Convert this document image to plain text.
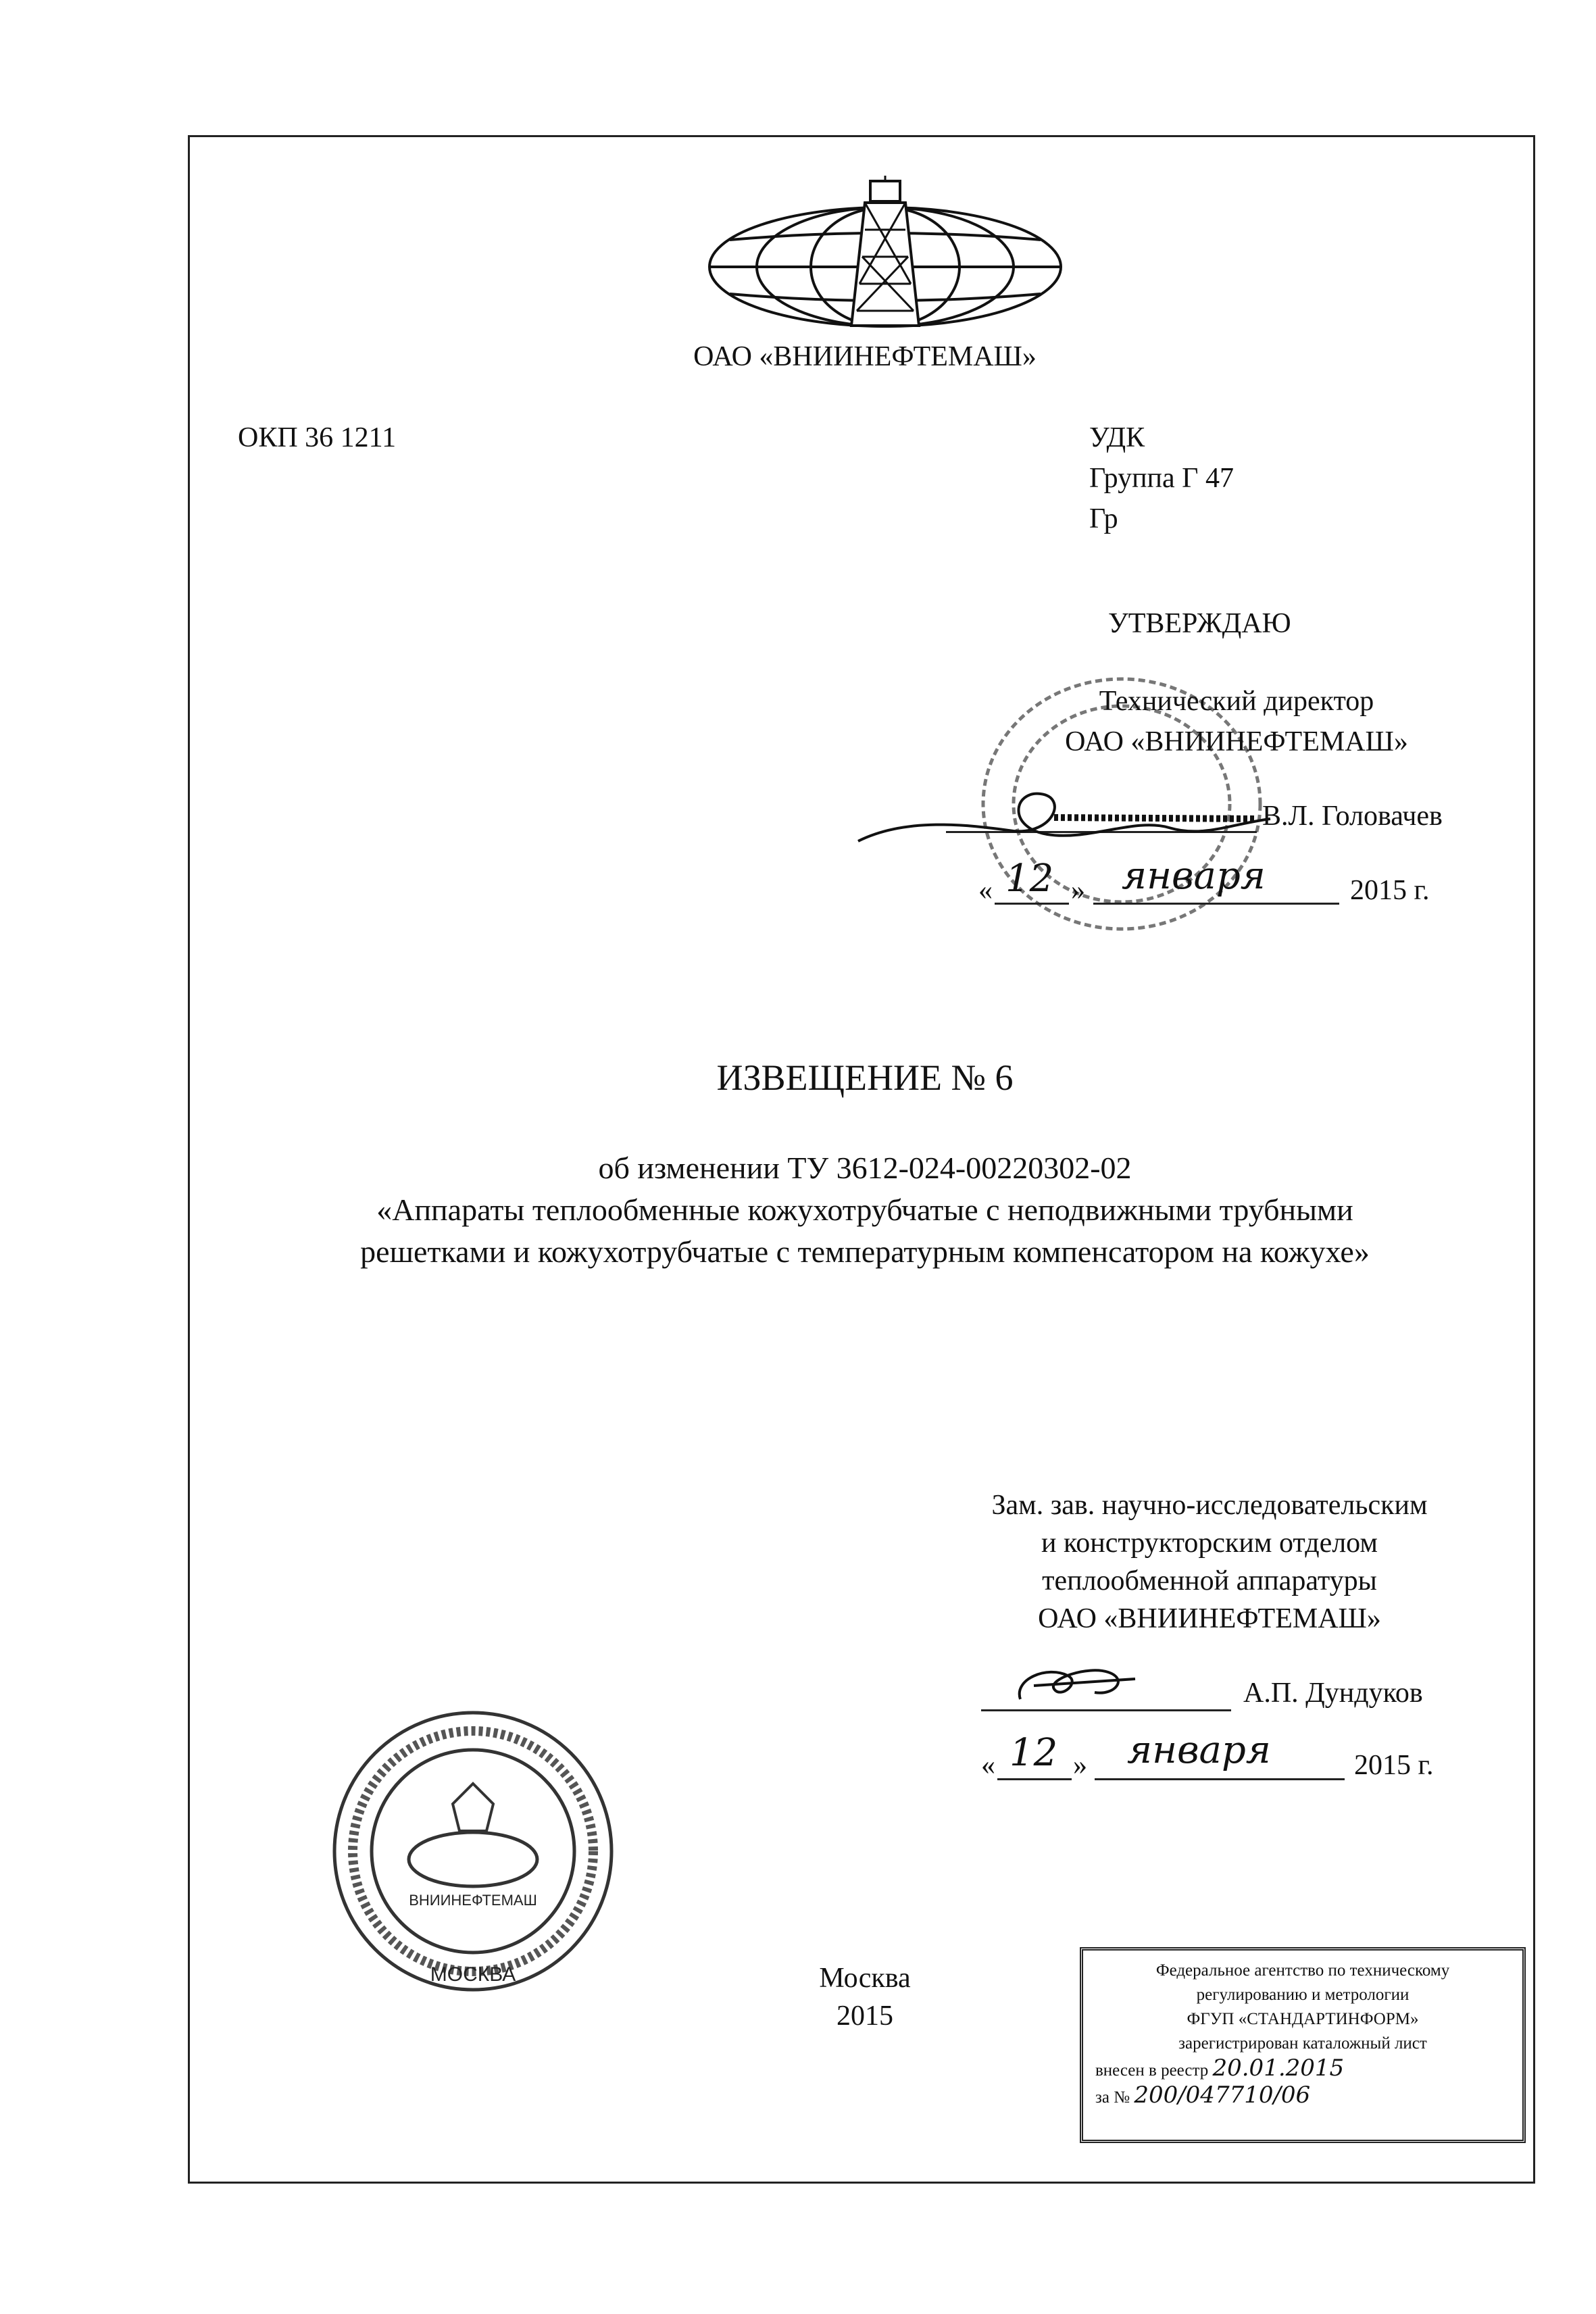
ОАО «ВНИИНЕФТЕМАШ»
ОКП 36 1211	УДК
Группа Г 47
Гр
УТВЕРЖДАЮ
Технический директор
ОАО «ВНИИНЕФТЕМАШ»
В.Л. Головачев
« 12 » января	2015 г.
ИЗВЕЩЕНИЕ № 6
об изменении ТУ 3612-024-00220302-02
«Аппараты теплообменные кожухотрубчатые с неподвижными трубными
решетками и кожухотрубчатые с температурным компенсатором на кожухе»
Зам. зав. научно-исследовательским
и конструкторским отделом
теплообменной аппаратуры
ОАО «ВНИИНЕФТЕМАШ»
А.П. Дундуков
« 12 » января	2015 г.
МОСКВА
ВНИИНЕФТЕМАШ
Москва
2015
Федеральное агентство по техническому
регулированию и метрологии
ФГУП «СТАНДАРТИНФОРМ»
зарегистрирован каталожный лист
внесен в реестр 20.01.2015
за № 200/047710/06
